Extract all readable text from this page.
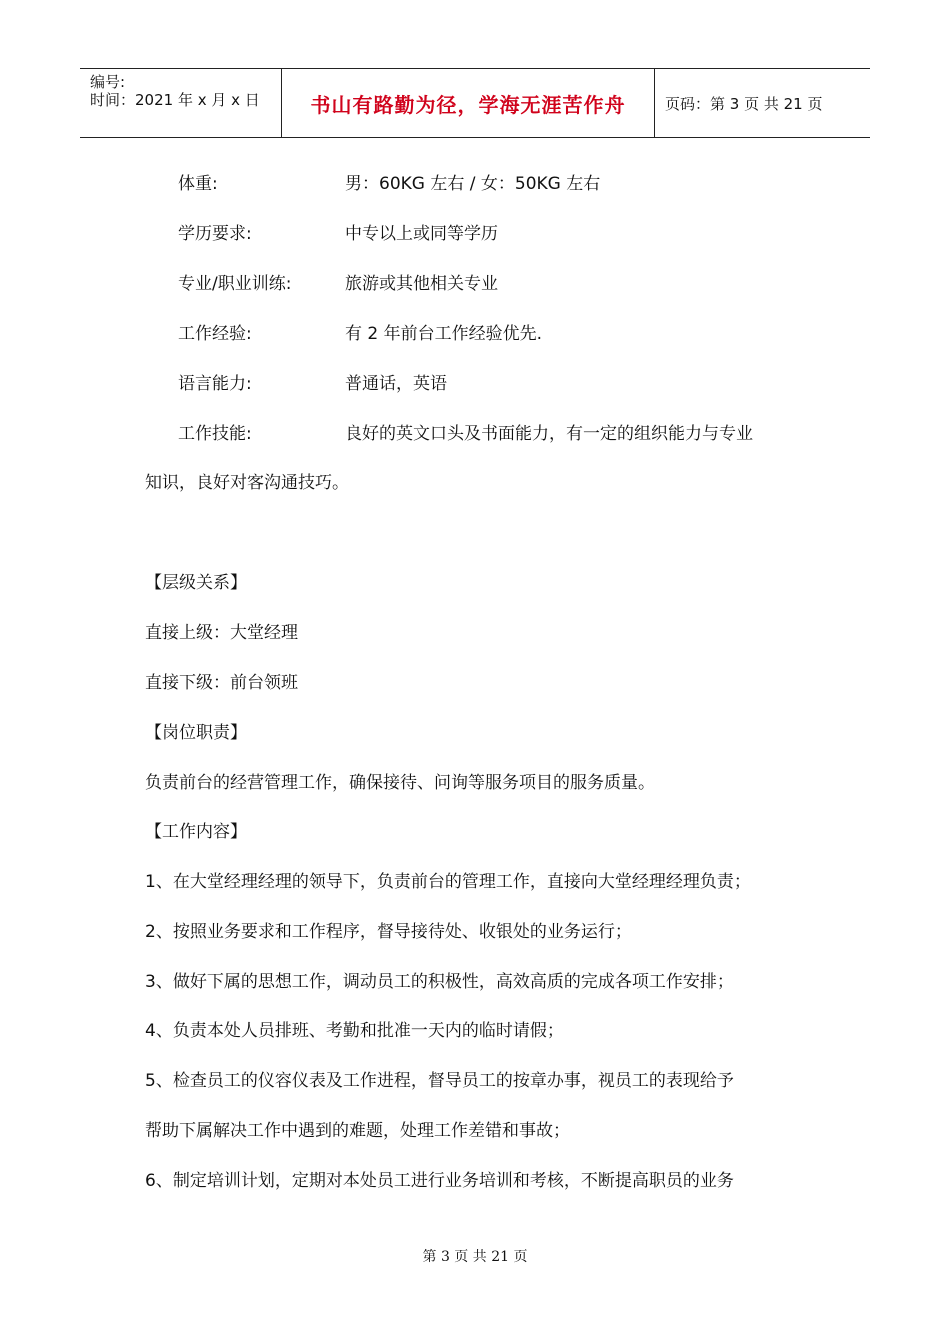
编号:
时间：2021 年 x 月 x 日	书山有路勤为径，学海无涯苦作舟	页码：第 3 页 共 21 页
体重:	男：60KG 左右 / 女：50KG 左右
学历要求:	中专以上或同等学历
专业/职业训练:	旅游或其他相关专业
工作经验:	有 2 年前台工作经验优先.
语言能力:	普通话，英语
工作技能:	良好的英文口头及书面能力，有一定的组织能力与专业
知识，良好对客沟通技巧。
【层级关系】
直接上级：大堂经理
直接下级：前台领班
【岗位职责】
负责前台的经营管理工作，确保接待、问询等服务项目的服务质量。
【工作内容】
1、在大堂经理经理的领导下，负责前台的管理工作，直接向大堂经理经理负责；
2、按照业务要求和工作程序，督导接待处、收银处的业务运行；
3、做好下属的思想工作，调动员工的积极性，高效高质的完成各项工作安排；
4、负责本处人员排班、考勤和批准一天内的临时请假；
5、检查员工的仪容仪表及工作进程，督导员工的按章办事，视员工的表现给予
帮助下属解决工作中遇到的难题，处理工作差错和事故；
6、制定培训计划，定期对本处员工进行业务培训和考核，不断提高职员的业务
第 3 页 共 21 页
